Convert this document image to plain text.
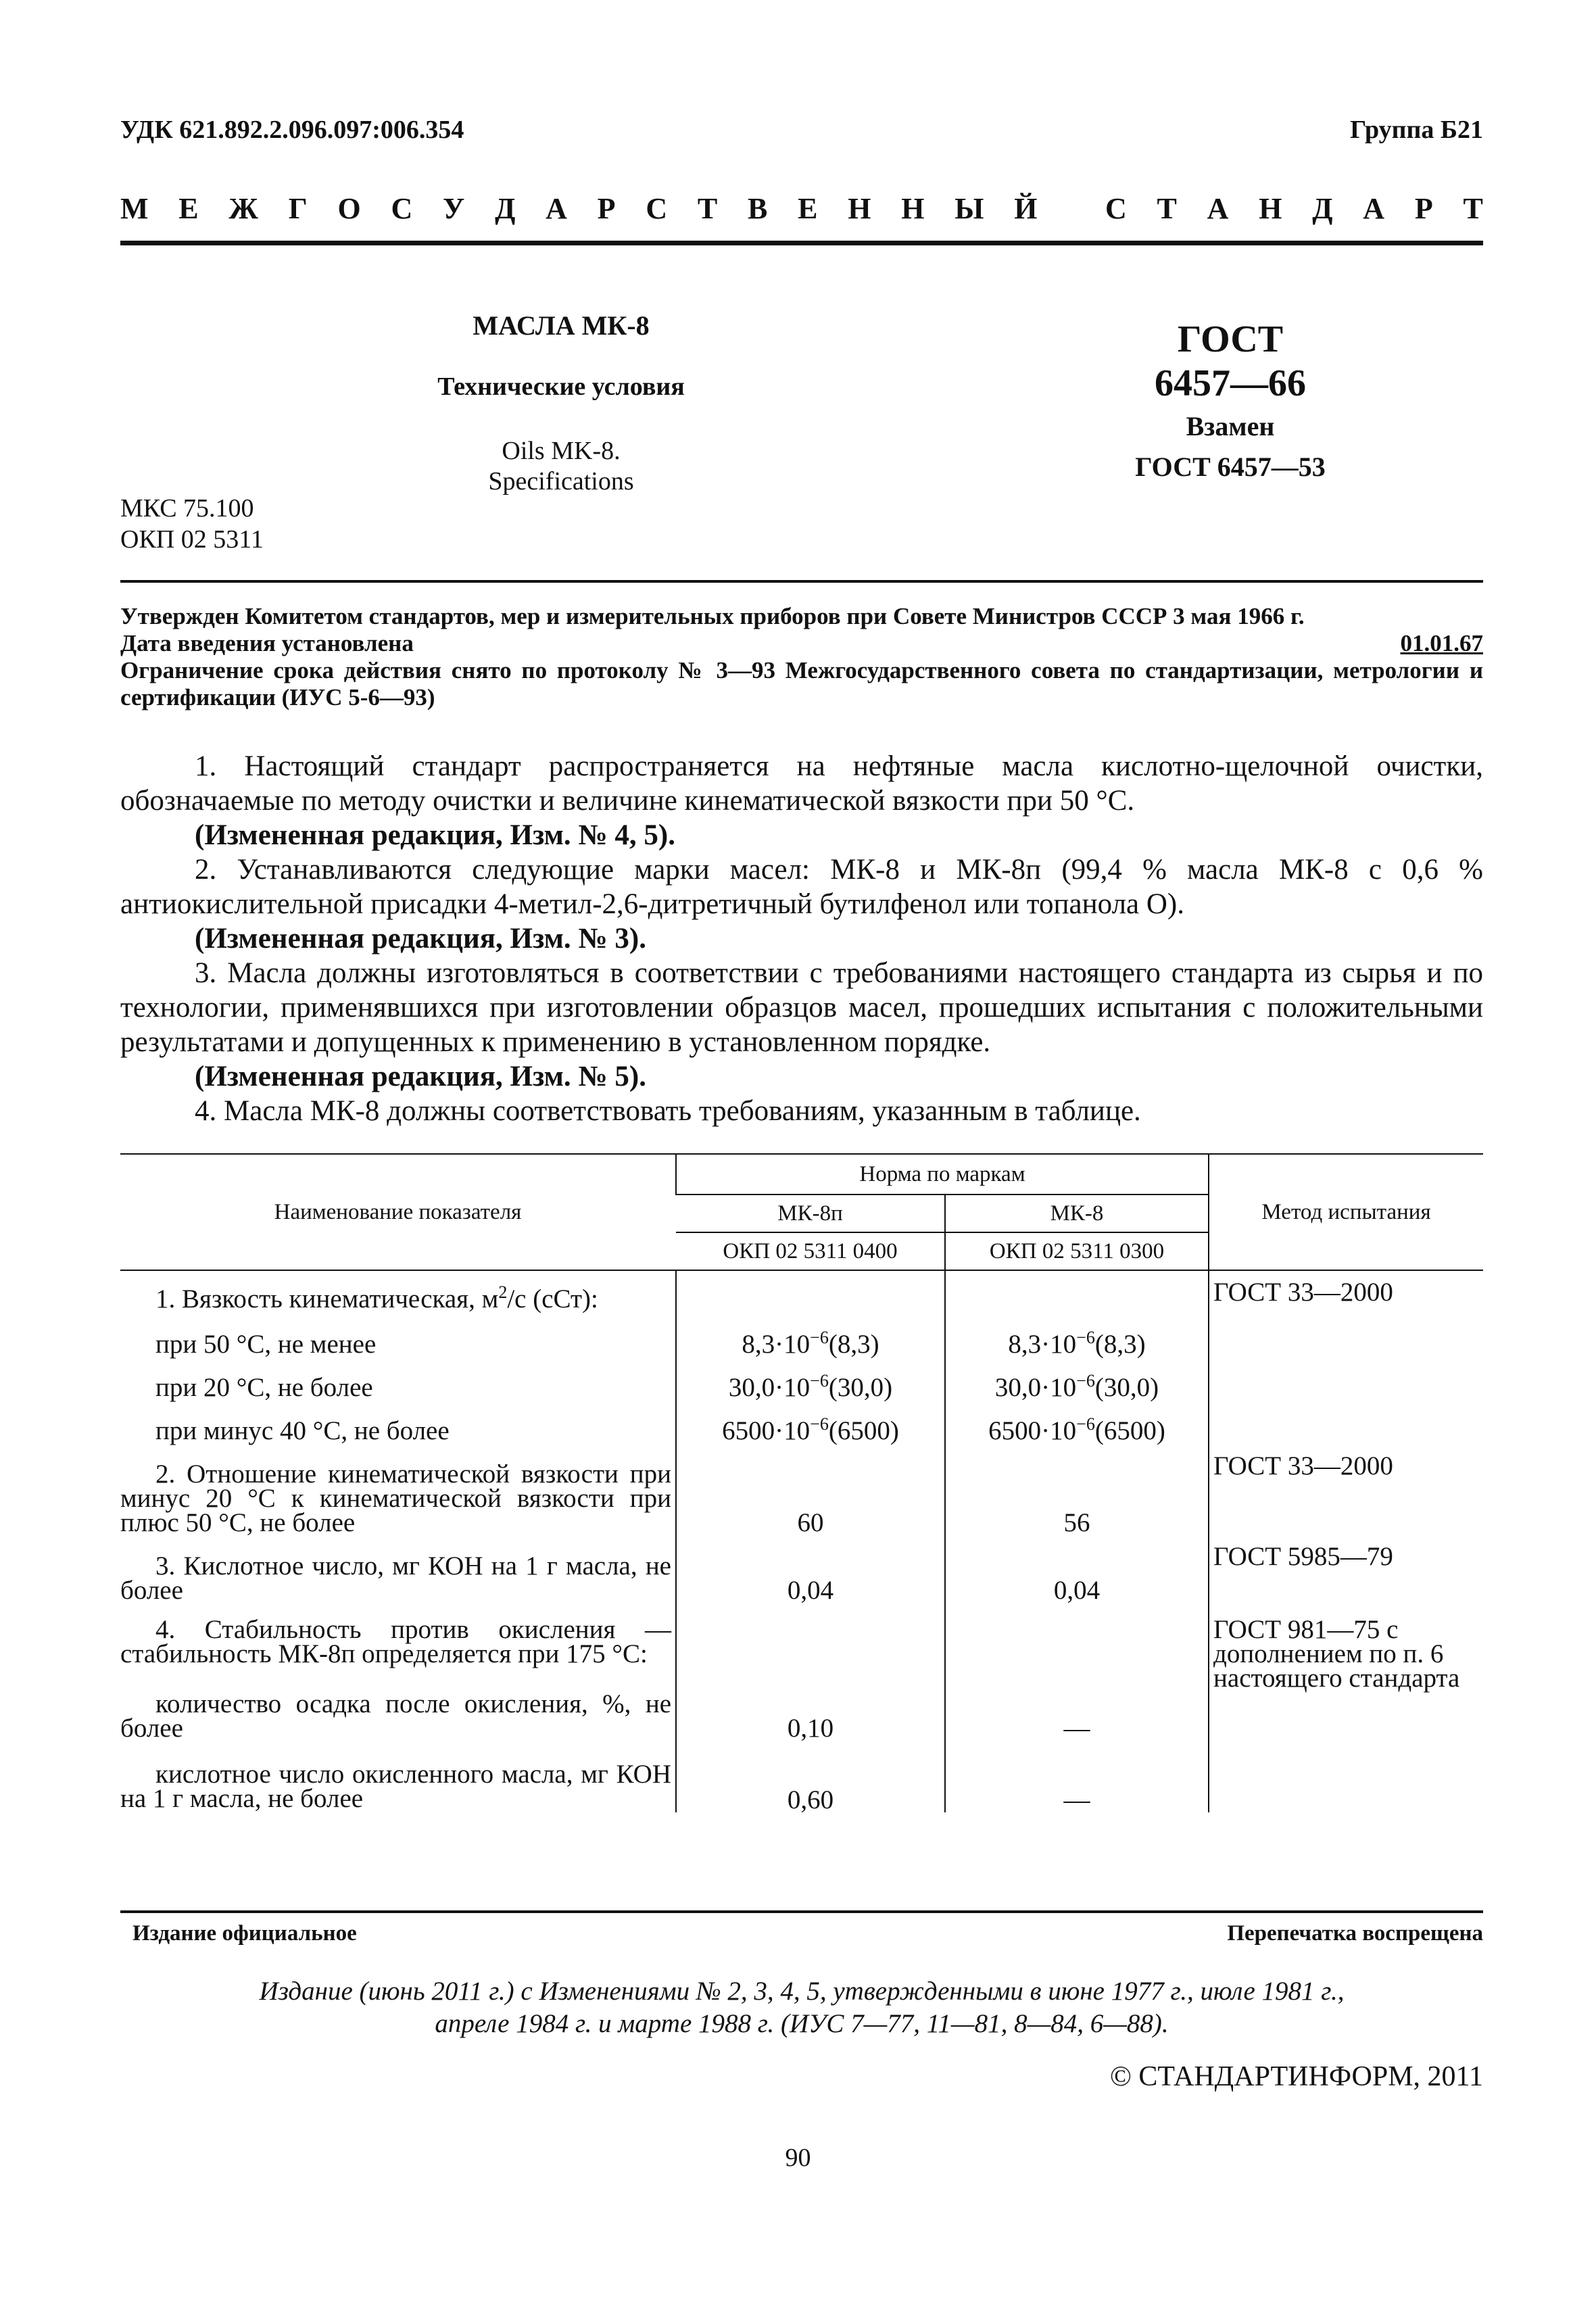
УДК 621.892.2.096.097:006.354	Группа Б21
М Е Ж Г О С У Д А Р С Т В Е Н Н Ы Й
С Т А Н Д А Р Т
МАСЛА МК-8
Технические условия
Oils MK-8.
Specifications
МКС 75.100
ОКП 02 5311
ГОСТ
6457—66
Взамен
ГОСТ 6457—53
Утвержден Комитетом стандартов, мер и измерительных приборов при Совете Министров СССР 3 мая 1966 г.
Дата введения установлена	01.01.67
Ограничение срока действия снято по протоколу № 3—93 Межгосударственного совета по стандартизации, метрологии и сертификации (ИУС 5-6—93)
1. Настоящий стандарт распространяется на нефтяные масла кислотно-щелочной очистки, обозначаемые по методу очистки и величине кинематической вязкости при 50 °С.
(Измененная редакция, Изм. № 4, 5).
2. Устанавливаются следующие марки масел: МК-8 и МК-8п (99,4 % масла МК-8 с 0,6 % антиокислительной присадки 4-метил-2,6-дитретичный бутилфенол или топанола О).
(Измененная редакция, Изм. № 3).
3. Масла должны изготовляться в соответствии с требованиями настоящего стандарта из сырья и по технологии, применявшихся при изготовлении образцов масел, прошедших испытания с положительными результатами и допущенных к применению в установленном порядке.
(Измененная редакция, Изм. № 5).
4. Масла МК-8 должны соответствовать требованиям, указанным в таблице.
Наименование показателя	Норма по маркам		Метод испытания
	МК-8п	МК-8	
	ОКП 02 5311 0400	ОКП 02 5311 0300	
1. Вязкость кинематическая, $м^2/с$ (сСт):			ГОСТ 33—2000
при 50 °С, не менее	$8,3\cdot 10^{-6}(8,3)$	$8,3\cdot 10^{-6}(8,3)$	
при 20 °С, не более	$30,0\cdot 10^{-6}(30,0)$	$30,0\cdot 10^{-6}(30,0)$	
при минус 40 °С, не более	$6500\cdot 10^{-6}(6500)$	$6500\cdot 10^{-6}(6500)$	
2. Отношение кинематической вязкости при минус 20 °С к кинематической вязкости при плюс 50 °С, не более	60	56	ГОСТ 33—2000
3. Кислотное число, мг КОН на 1 г масла, не более	0,04	0,04	ГОСТ 5985—79
4. Стабильность против окисления — стабильность МК-8п определяется при 175 °С:			ГОСТ 981—75 с дополнением по п. 6 настоящего стандарта
количество осадка после окисления, %, не более	0,10	—	
кислотное число окисленного масла, мг КОН на 1 г масла, не более	0,60	—	
Издание официальное	Перепечатка воспрещена
Издание (июнь 2011 г.) с Изменениями № 2, 3, 4, 5, утвержденными в июне 1977 г., июле 1981 г.,
апреле 1984 г. и марте 1988 г. (ИУС 7—77, 11—81, 8—84, 6—88).
© СТАНДАРТИНФОРМ, 2011
90
